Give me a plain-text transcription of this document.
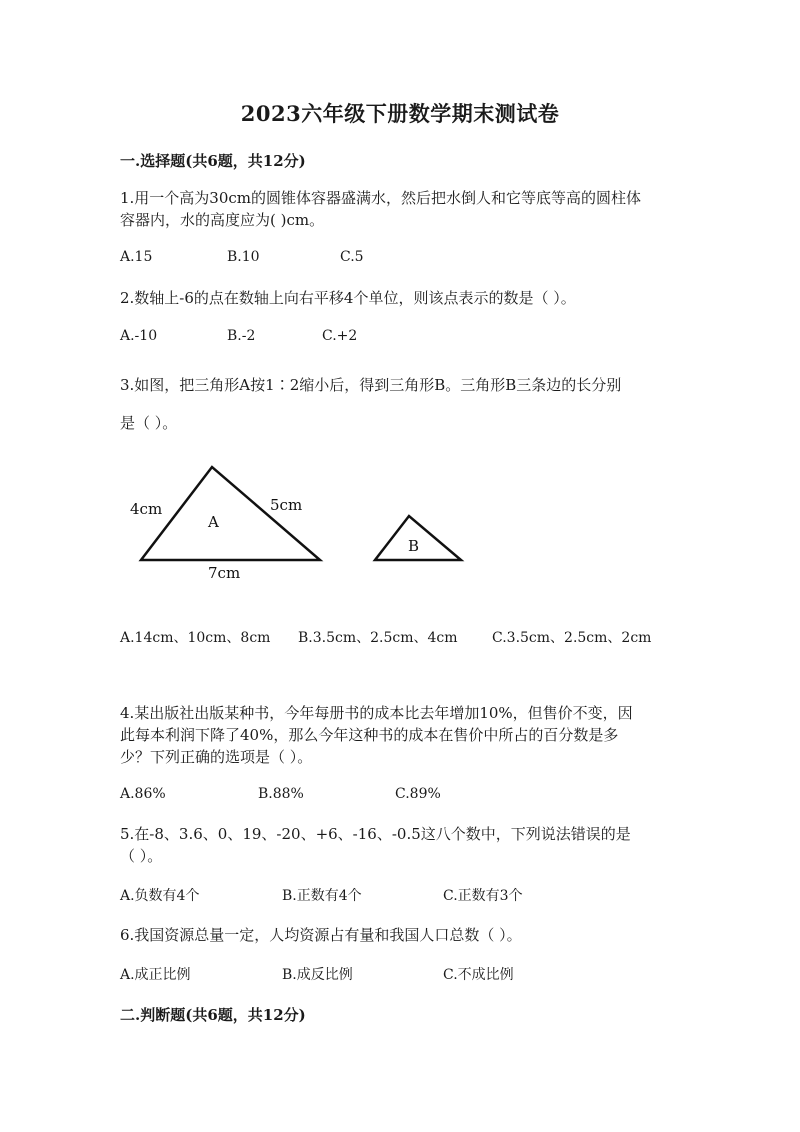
2023六年级下册数学期末测试卷
一.选择题(共6题，共12分)
1.用一个高为30cm的圆锥体容器盛满水，然后把水倒人和它等底等高的圆柱体
容器内，水的高度应为( )cm。
A.15	B.10	C.5
2.数轴上-6的点在数轴上向右平移4个单位，则该点表示的数是（ ）。
A.-10	B.-2	C.+2
3.如图，把三角形A按1∶2缩小后，得到三角形B。三角形B三条边的长分别
是（ ）。
4cm	5cm
7cm
A
B
A.14cm、10cm、8cm B.3.5cm、2.5cm、4cm C.3.5cm、2.5cm、2cm
4.某出版社出版某种书，今年每册书的成本比去年增加10%，但售价不变，因
此每本利润下降了40%，那么今年这种书的成本在售价中所占的百分数是多
少？下列正确的选项是（ ）。
A.86%	B.88%	C.89%
5.在-8、3.6、0、19、-20、+6、-16、-0.5这八个数中，下列说法错误的是
（ ）。
A.负数有4个	B.正数有4个	C.正数有3个
6.我国资源总量一定，人均资源占有量和我国人口总数（ ）。
A.成正比例	B.成反比例	C.不成比例
二.判断题(共6题，共12分)
